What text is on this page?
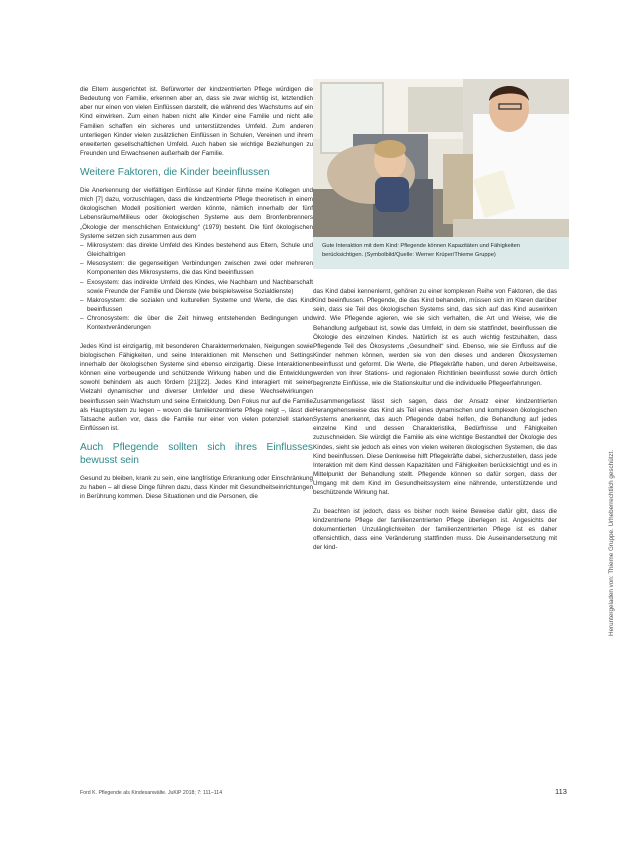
die Eltern ausgerichtet ist. Befürworter der kindzentrierten Pflege würdigen die Bedeutung von Familie, erkennen aber an, dass sie zwar wichtig ist, letztendlich aber nur einen von vielen Einflüssen darstellt, die während des Wachstums auf ein Kind einwirken. Zum einen haben nicht alle Kinder eine Familie und nicht alle Familien schaffen ein sicheres und unterstützendes Umfeld. Zum anderen unterliegen Kinder vielen zusätzlichen Einflüssen in Schulen, Vereinen und ihrem erweiterten gesellschaftlichen Umfeld. Auch haben sie wichtige Beziehungen zu Freunden und Erwachsenen außerhalb der Familie.

Weitere Faktoren, die Kinder beeinflussen

Die Anerkennung der vielfältigen Einflüsse auf Kinder führte meine Kollegen und mich [7] dazu, vorzuschlagen, dass die kindzentrierte Pflege theoretisch in einem ökologischen Modell positioniert werden könnte, nämlich innerhalb der fünf Lebensräume/Milieus oder ökologischen Systeme aus dem Bronfenbrenners „Ökologie der menschlichen Entwicklung“ (1979) besteht. Die fünf ökologischen Systeme setzen sich zusammen aus dem

– Mikrosystem: das direkte Umfeld des Kindes bestehend aus Eltern, Schule und Gleichaltrigen
– Mesosystem: die gegenseitigen Verbindungen zwischen zwei oder mehreren Komponenten des Mikrosystems, die das Kind beeinflussen
– Exosystem: das indirekte Umfeld des Kindes, wie Nachbarn und Nachbarschaft sowie Freunde der Familie und Dienste (wie beispielsweise Sozialdienste)
– Makrosystem: die sozialen und kulturellen Systeme und Werte, die das Kind beeinflussen
– Chronosystem: die über die Zeit hinweg entstehenden Bedingungen und Kontextveränderungen

Jedes Kind ist einzigartig, mit besonderen Charaktermerkmalen, Neigungen sowie biologischen Fähigkeiten, und seine Interaktionen mit Menschen und Settings innerhalb der ökologischen Systeme sind ebenso einzigartig. Diese Interaktionen können eine vorbeugende und schützende Wirkung haben und die Entwicklung sowohl behindern als auch fördern [21][22]. Jedes Kind interagiert mit seiner Vielzahl dynamischer und diverser Umfelder und diese Wechselwirkungen beeinflussen sein Wachstum und seine Entwicklung. Den Fokus nur auf die Familie als Hauptsystem zu legen – wovon die familienzentrierte Pflege neigt –, lässt die Tatsache außen vor, dass die Familie nur einer von vielen potenziell starken Einflüssen ist.

Auch Pflegende sollten sich ihres Einflusses bewusst sein

Gesund zu bleiben, krank zu sein, eine langfristige Erkrankung oder Einschränkung zu haben – all diese Dinge führen dazu, dass Kinder mit Gesundheitseinrichtungen in Berührung kommen. Diese Situationen und die Personen, die

Gute Interaktion mit dem Kind: Pflegende können Kapazitäten und Fähigkeiten berücksichtigen. (Symbolbild/Quelle: Werner Krüper/Thieme Gruppe)

das Kind dabei kennenlernt, gehören zu einer komplexen Reihe von Faktoren, die das Kind beeinflussen. Pflegende, die das Kind behandeln, müssen sich im Klaren darüber sein, dass sie Teil des ökologischen Systems sind, das sich auf das Kind auswirken wird. Wie Pflegende agieren, wie sie sich verhalten, die Art und Weise, wie die Behandlung aufgebaut ist, sowie das Umfeld, in dem sie stattfindet, beeinflussen die Ökologie des einzelnen Kindes. Natürlich ist es auch wichtig festzuhalten, dass Pflegende Teil des Ökosystems „Gesundheit“ sind. Ebenso, wie sie Einfluss auf die Kinder nehmen können, werden sie von den dieses und anderen Ökosystemen beeinflusst und geformt. Die Werte, die Pflegekräfte haben, und deren Arbeitsweise, werden von ihrer Stations- und regionalen Richtlinien beeinflusst sowie durch örtlich begrenzte Einflüsse, wie die Stationskultur und die individuelle Pflegeerfahrungen.

Zusammengefasst lässt sich sagen, dass der Ansatz einer kindzentrierten Herangehensweise das Kind als Teil eines dynamischen und komplexen ökologischen Systems anerkennt, das auch Pflegende dabei helfen, die Behandlung auf jedes einzelne Kind und dessen Charakteristika, Bedürfnisse und Fähigkeiten zuzuschneiden. Sie würdigt die Familie als eine wichtige Bestandteil der Ökologie des Kindes, sieht sie jedoch als eines von vielen weiteren ökologischen Systemen, die das Kind beeinflussen. Diese Denkweise hilft Pflegekräfte dabei, sicherzustellen, dass jede Interaktion mit dem Kind dessen Kapazitäten und Fähigkeiten berücksichtigt und es in Mittelpunkt der Behandlung stellt. Pflegende können so dafür sorgen, dass der Umgang mit dem Kind im Gesundheitssystem eine nährende, unterstützende und beschützende Wirkung hat.

Zu beachten ist jedoch, dass es bisher noch keine Beweise dafür gibt, dass die kindzentrierte Pflege der familienzentrierten Pflege überlegen ist. Angesichts der dokumentierten Unzulänglichkeiten der familienzentrierten Pflege ist es daher offensichtlich, dass eine Veränderung stattfinden muss. Die Auseinandersetzung mit der kind-	Heruntergeladen von: Thieme Gruppe. Urheberrechtlich geschützt.
Ford K. Pflegende als Kindesanwälte. JuKiP 2018; 7: 111–114	113
